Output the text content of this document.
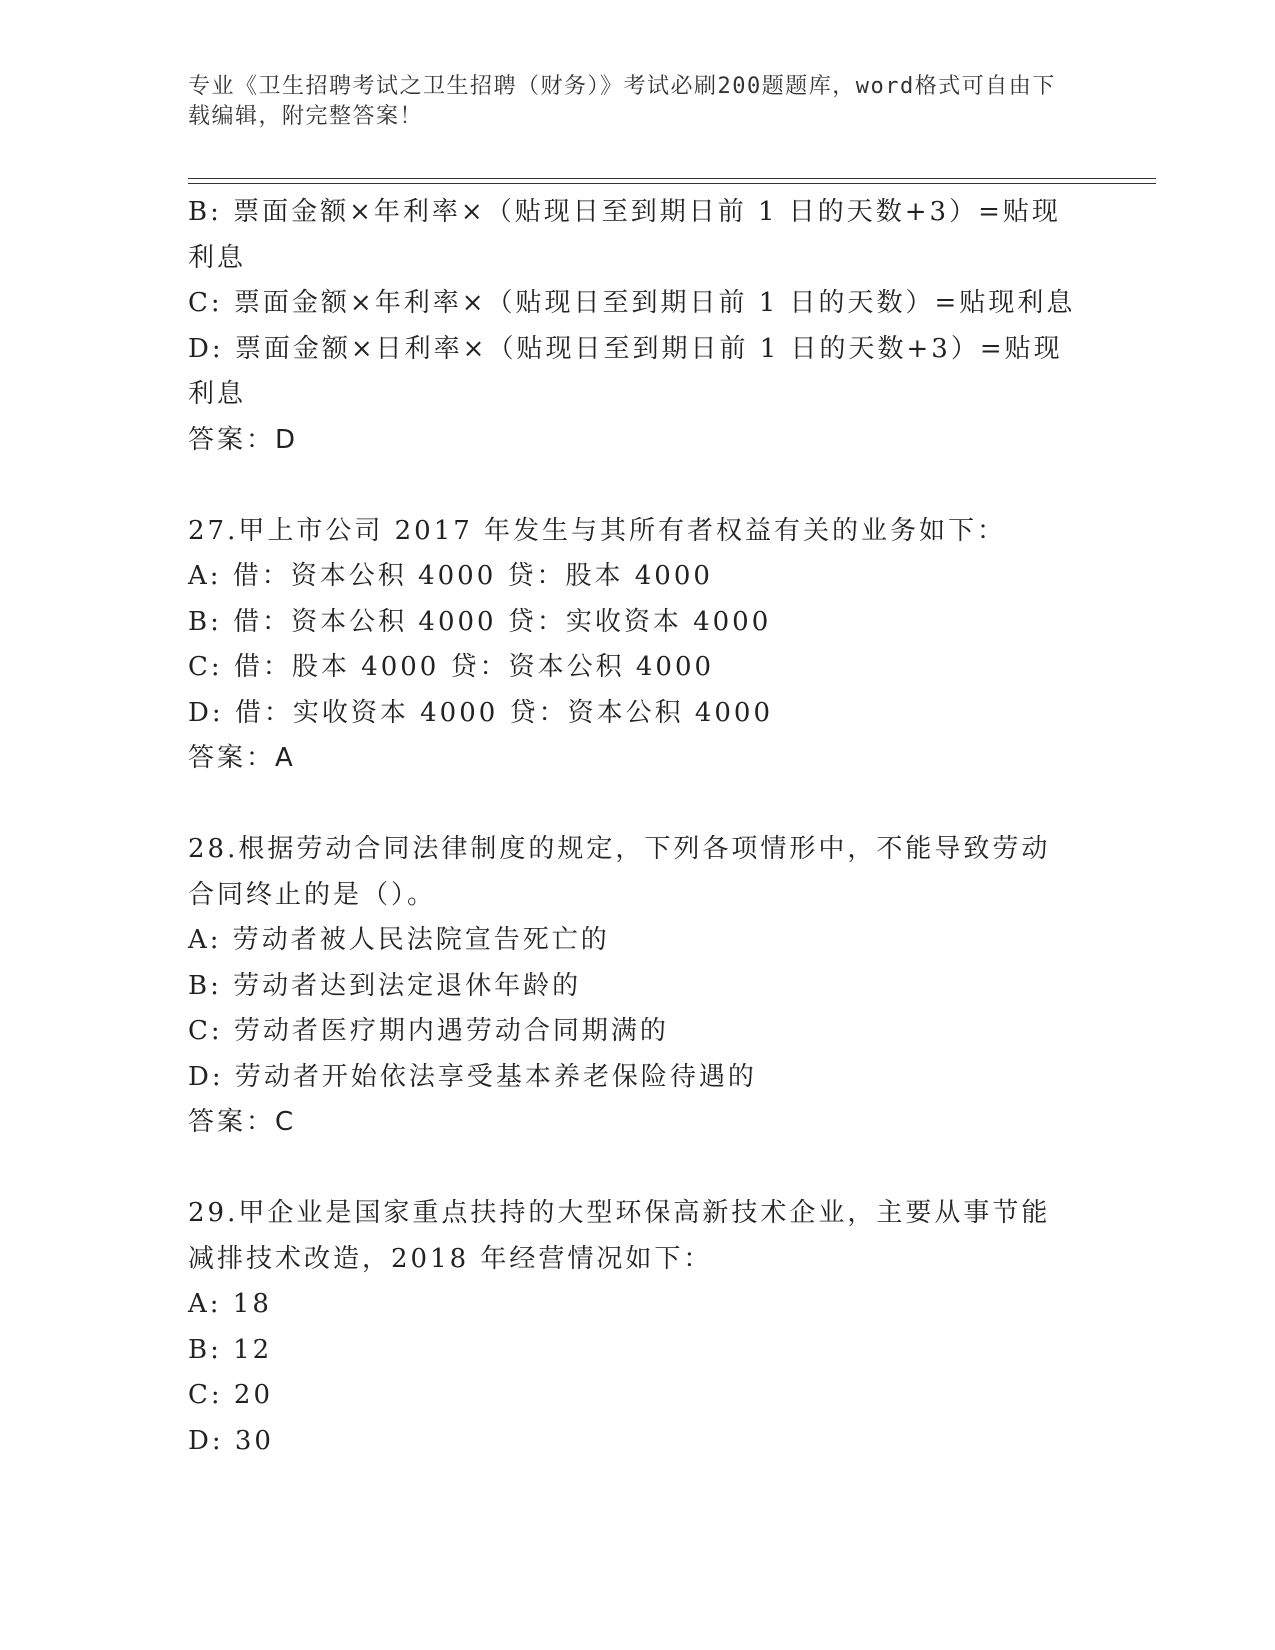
专业《卫生招聘考试之卫生招聘（财务）》考试必刷200题题库，word格式可自由下载编辑，附完整答案！
B: 票面金额×年利率×（贴现日至到期日前 1 日的天数+3）=贴现利息
C: 票面金额×年利率×（贴现日至到期日前 1 日的天数）=贴现利息
D: 票面金额×日利率×（贴现日至到期日前 1 日的天数+3）=贴现利息
答案：D
27.甲上市公司 2017 年发生与其所有者权益有关的业务如下：
A: 借：资本公积 4000 贷：股本 4000
B: 借：资本公积 4000 贷：实收资本 4000
C: 借：股本 4000 贷：资本公积 4000
D: 借：实收资本 4000 贷：资本公积 4000
答案：A
28.根据劳动合同法律制度的规定，下列各项情形中，不能导致劳动合同终止的是（）。
A: 劳动者被人民法院宣告死亡的
B: 劳动者达到法定退休年龄的
C: 劳动者医疗期内遇劳动合同期满的
D: 劳动者开始依法享受基本养老保险待遇的
答案：C
29.甲企业是国家重点扶持的大型环保高新技术企业，主要从事节能减排技术改造，2018 年经营情况如下：
A: 18
B: 12
C: 20
D: 30
